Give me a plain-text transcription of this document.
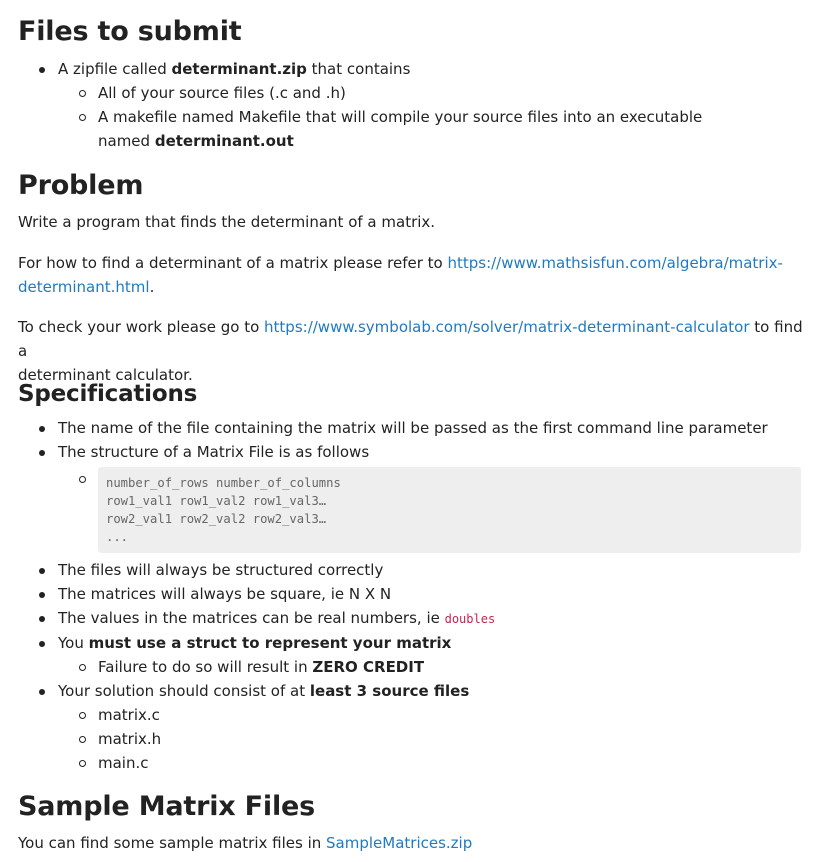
Files to submit
A zipfile called determinant.zip that contains
All of your source files (.c and .h)
A makefile named Makefile that will compile your source files into an executable named determinant.out
Problem

Write a program that finds the determinant of a matrix.

For how to find a determinant of a matrix please refer to https://www.mathsisfun.com/algebra/matrix-
determinant.html.

To check your work please go to https://www.symbolab.com/solver/matrix-determinant-calculator to find a
determinant calculator.

Specifications
The name of the file containing the matrix will be passed as the first command line parameter
The structure of a Matrix File is as follows
number_of_rows number_of_columns
row1_val1 row1_val2 row1_val3…
row2_val1 row2_val2 row2_val3…
...
The files will always be structured correctly
The matrices will always be square, ie N X N
The values in the matrices can be real numbers, ie doubles
You must use a struct to represent your matrix
Failure to do so will result in ZERO CREDIT
Your solution should consist of at least 3 source files
matrix.c
matrix.h
main.c
Sample Matrix Files

You can find some sample matrix files in SampleMatrices.zip
